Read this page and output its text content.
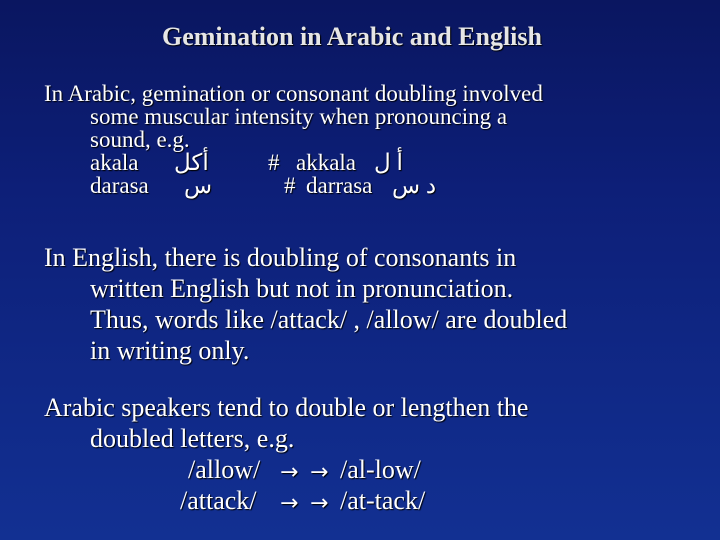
Gemination in Arabic and English
In Arabic, gemination or consonant doubling involved
some muscular intensity when pronouncing a
sound, e.g.
akala أكل	# akkala أ ل
darasa س	# darrasa د س
In English, there is doubling of consonants in
written English but not in pronunciation.
Thus, words like /attack/ , /allow/ are doubled
in writing only.
Arabic speakers tend to double or lengthen the
doubled letters, e.g.
/allow/ → → /al-low/
/attack/ → → /at-tack/
